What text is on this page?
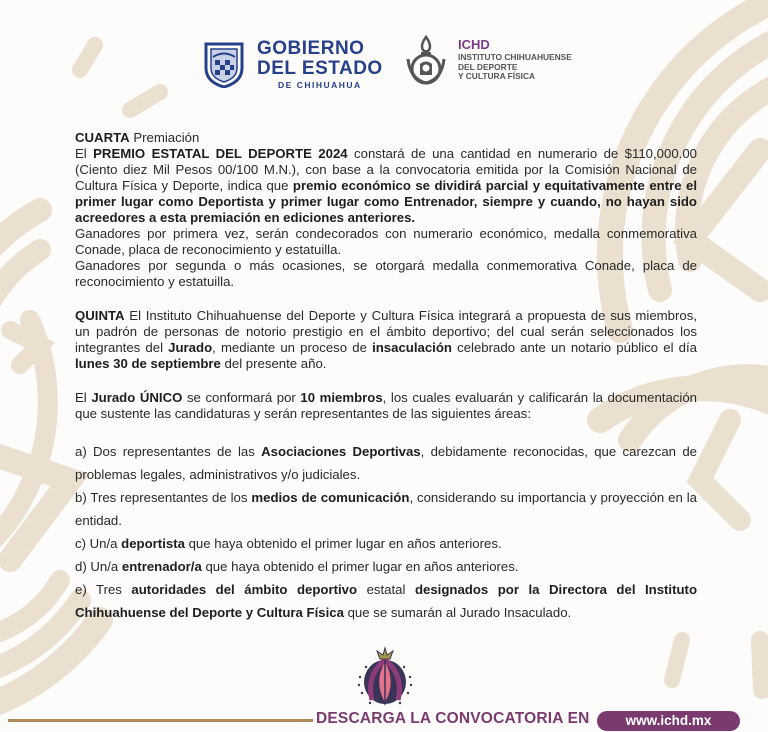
GOBIERNO
DEL ESTADO
DE CHIHUAHUA
ICHD
INSTITUTO CHIHUAHUENSE
DEL DEPORTE
Y CULTURA FÍSICA

CUARTA Premiación

El PREMIO ESTATAL DEL DEPORTE 2024 constará de una cantidad en numerario de $110,000.00 (Ciento diez Mil Pesos 00/100 M.N.), con base a la convocatoria emitida por la Comisión Nacional de Cultura Física y Deporte, indica que premio económico se dividirá parcial y equitativamente entre el primer lugar como Deportista y primer lugar como Entrenador, siempre y cuando, no hayan sido acreedores a esta premiación en ediciones anteriores.

Ganadores por primera vez, serán condecorados con numerario económico, medalla conmemorativa Conade, placa de reconocimiento y estatuilla.

Ganadores por segunda o más ocasiones, se otorgará medalla conmemorativa Conade, placa de reconocimiento y estatuilla.

QUINTA El Instituto Chihuahuense del Deporte y Cultura Física integrará a propuesta de sus miembros, un padrón de personas de notorio prestigio en el ámbito deportivo; del cual serán seleccionados los integrantes del Jurado, mediante un proceso de insaculación celebrado ante un notario público el día lunes 30 de septiembre del presente año.

El Jurado ÚNICO se conformará por 10 miembros, los cuales evaluarán y calificarán la documentación que sustente las candidaturas y serán representantes de las siguientes áreas:

a) Dos representantes de las Asociaciones Deportivas, debidamente reconocidas, que carezcan de problemas legales, administrativos y/o judiciales.

b) Tres representantes de los medios de comunicación, considerando su importancia y proyección en la entidad.

c) Un/a deportista que haya obtenido el primer lugar en años anteriores.

d) Un/a entrenador/a que haya obtenido el primer lugar en años anteriores.

e) Tres autoridades del ámbito deportivo estatal designados por la Directora del Instituto Chihuahuense del Deporte y Cultura Física que se sumarán al Jurado Insaculado.

DESCARGA LA CONVOCATORIA EN	www.ichd.mx
